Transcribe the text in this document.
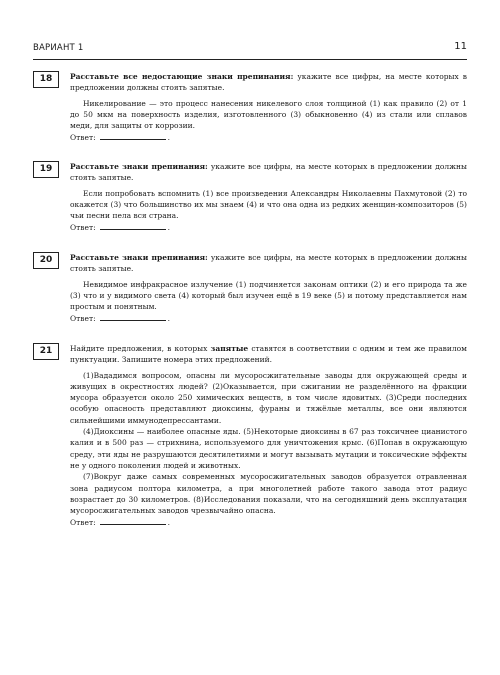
ВАРИАНТ 1	11
18	Расставьте все недостающие знаки препинания: укажите все цифры, на месте которых в предложении должны стоять запятые.

Никелирование — это процесс нанесения никелевого слоя толщиной (1) как правило (2) от 1 до 50 мкм на поверхность изделия, изготовленного (3) обыкновенно (4) из стали или сплавов меди, для защиты от коррозии.

Ответ:	.

19	Расставьте знаки препинания: укажите все цифры, на месте которых в предложении должны стоять запятые.

Если попробовать вспомнить (1) все произведения Александры Николаевны Пахмутовой (2) то окажется (3) что большинство их мы знаем (4) и что она одна из редких женщин-композиторов (5) чьи песни пела вся страна.

Ответ:	.

20	Расставьте знаки препинания: укажите все цифры, на месте которых в предложении должны стоять запятые.

Невидимое инфракрасное излучение (1) подчиняется законам оптики (2) и его природа та же (3) что и у видимого света (4) который был изучен ещё в 19 веке (5) и потому представляется нам простым и понятным.

Ответ:	.

21	Найдите предложения, в которых запятые ставятся в соответствии с одним и тем же правилом пунктуации. Запишите номера этих предложений.

(1)Вададимся вопросом, опасны ли мусоросжигательные заводы для окружающей среды и живущих в окрестностях людей? (2)Оказывается, при сжигании не разделённого на фракции мусора образуется около 250 химических веществ, в том числе ядовитых. (3)Среди последних особую опасность представляют диоксины, фураны и тяжёлые металлы, все они являются сильнейшими иммунодепрессантами.

(4)Диоксины — наиболее опасные яды. (5)Некоторые диоксины в 67 раз токсичнее цианистого калия и в 500 раз — стрихнина, используемого для уничтожения крыс. (6)Попав в окружающую среду, эти яды не разрушаются десятилетиями и могут вызывать мутации и токсические эффекты не у одного поколения людей и животных.

(7)Вокруг даже самых современных мусоросжигательных заводов образуется отравленная зона радиусом полтора километра, а при многолетней работе такого завода этот радиус возрастает до 30 километров. (8)Исследования показали, что на сегодняшний день эксплуатация мусоросжигательных заводов чрезвычайно опасна.

Ответ:	.
